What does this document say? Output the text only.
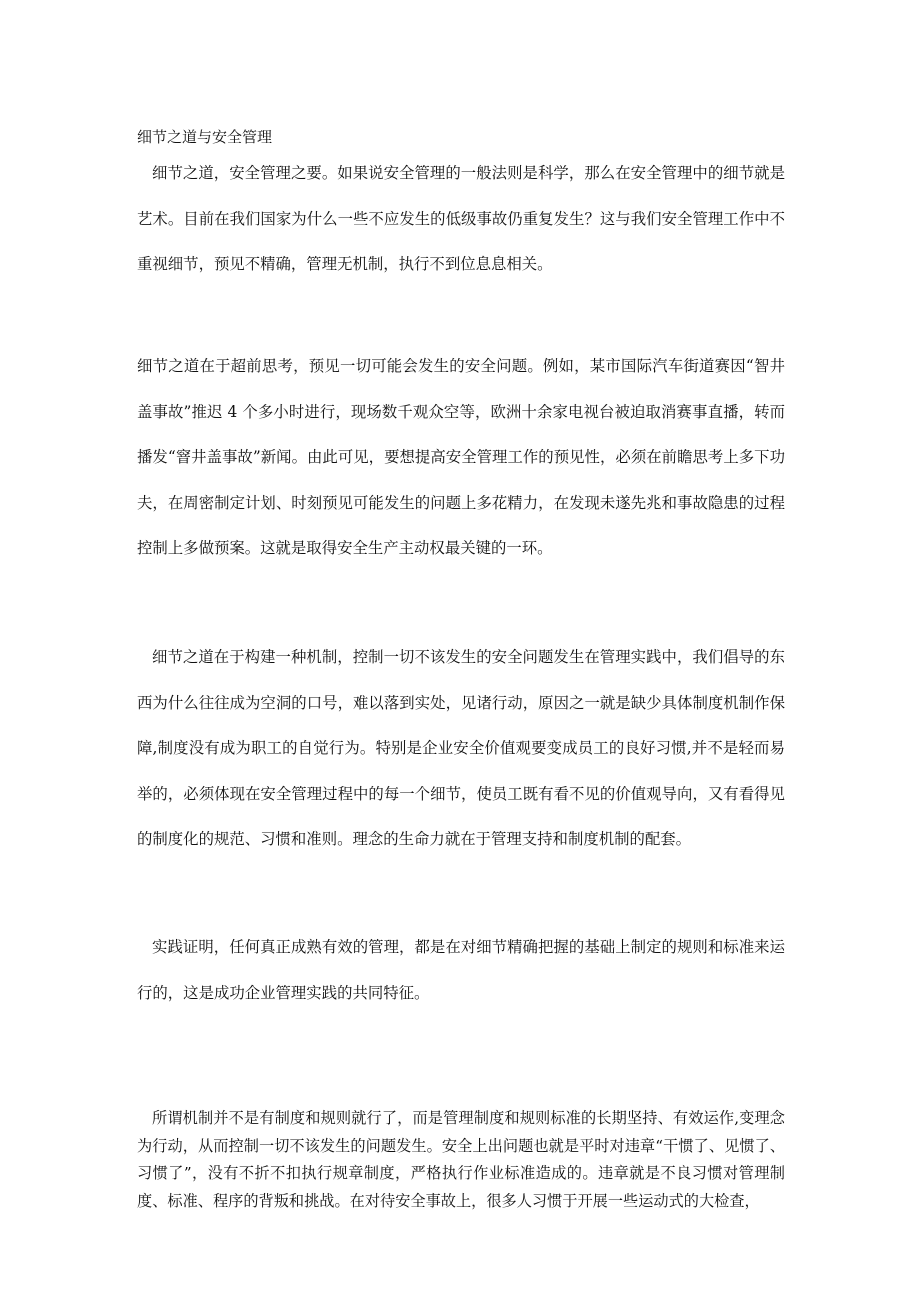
细节之道与安全管理

细节之道，安全管理之要。如果说安全管理的一般法则是科学，那么在安全管理中的细节就是艺术。目前在我们国家为什么一些不应发生的低级事故仍重复发生？这与我们安全管理工作中不重视细节，预见不精确，管理无机制，执行不到位息息相关。

细节之道在于超前思考，预见一切可能会发生的安全问题。例如，某市国际汽车街道赛因“智井盖事故”推迟 4 个多小时进行，现场数千观众空等，欧洲十余家电视台被迫取消赛事直播，转而播发“窨井盖事故”新闻。由此可见，要想提高安全管理工作的预见性，必须在前瞻思考上多下功夫，在周密制定计划、时刻预见可能发生的问题上多花精力，在发现未遂先兆和事故隐患的过程控制上多做预案。这就是取得安全生产主动权最关键的一环。

细节之道在于构建一种机制，控制一切不该发生的安全问题发生在管理实践中，我们倡导的东西为什么往往成为空洞的口号，难以落到实处，见诸行动，原因之一就是缺少具体制度机制作保障,制度没有成为职工的自觉行为。特别是企业安全价值观要变成员工的良好习惯,并不是轻而易举的，必须体现在安全管理过程中的每一个细节，使员工既有看不见的价值观导向，又有看得见的制度化的规范、习惯和准则。理念的生命力就在于管理支持和制度机制的配套。

实践证明，任何真正成熟有效的管理，都是在对细节精确把握的基础上制定的规则和标准来运行的，这是成功企业管理实践的共同特征。

所谓机制并不是有制度和规则就行了，而是管理制度和规则标准的长期坚持、有效运作,变理念为行动，从而控制一切不该发生的问题发生。安全上出问题也就是平时对违章“干惯了、见惯了、习惯了”，没有不折不扣执行规章制度，严格执行作业标准造成的。违章就是不良习惯对管理制度、标准、程序的背叛和挑战。在对待安全事故上，很多人习惯于开展一些运动式的大检查，
